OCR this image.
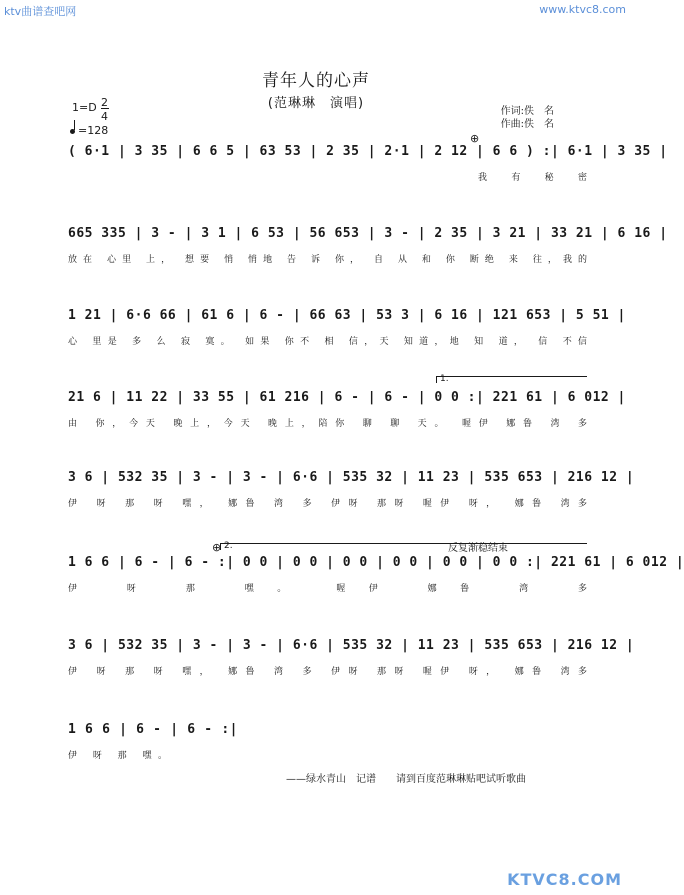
ktv曲谱查吧网	www.ktvc8.com
青年人的心声
(范琳琳　演唱)
作词:佚　名
作曲:佚　名
1=D 2
4
=128
⊕
( 6·1 | 3 35 | 6 6 5 | 63 53 | 2 35 | 2·1 | 2 12 | 6 6 ) :| 6·1 | 3 35 |
我 有 秘 密
665 335 | 3 - | 3 1 | 6 53 | 56 653 | 3 - | 2 35 | 3 21 | 33 21 | 6 16 |
放在 心里 上， 想要 悄 悄地 告 诉 你， 自 从 和 你 断绝 来 往，我的
1 21 | 6·6 66 | 61 6 | 6 - | 66 63 | 53 3 | 6 16 | 121 653 | 5 51 |
心 里是 多 么 寂 寞。 如果 你不 相 信，天 知道，地 知 道， 信 不信
1.
21 6 | 11 22 | 33 55 | 61 216 | 6 - | 6 - | 0 0 :| 221 61 | 6 012 |
由 你，今天 晚上，今天 晚上，陪你 聊 聊 天。 喔伊 娜鲁 湾 多
3 6 | 532 35 | 3 - | 3 - | 6·6 | 535 32 | 11 23 | 535 653 | 216 12 |
伊 呀 那 呀 嘿， 娜鲁 湾 多 伊呀 那呀 喔伊 呀， 娜鲁 湾多
⊕ 2.	反复渐稳结束
1 6 6 | 6 - | 6 - :| 0 0 | 0 0 | 0 0 | 0 0 | 0 0 | 0 0 :| 221 61 | 6 012 |
伊 呀 那 嘿。 喔伊 娜鲁 湾 多
3 6 | 532 35 | 3 - | 3 - | 6·6 | 535 32 | 11 23 | 535 653 | 216 12 |
伊 呀 那 呀 嘿， 娜鲁 湾 多 伊呀 那呀 喔伊 呀， 娜鲁 湾多
1 6 6 | 6 - | 6 - :|
伊 呀 那 嘿。
——绿水青山　记谱　　请到百度范琳琳贴吧试听歌曲
KTVC8.COM
